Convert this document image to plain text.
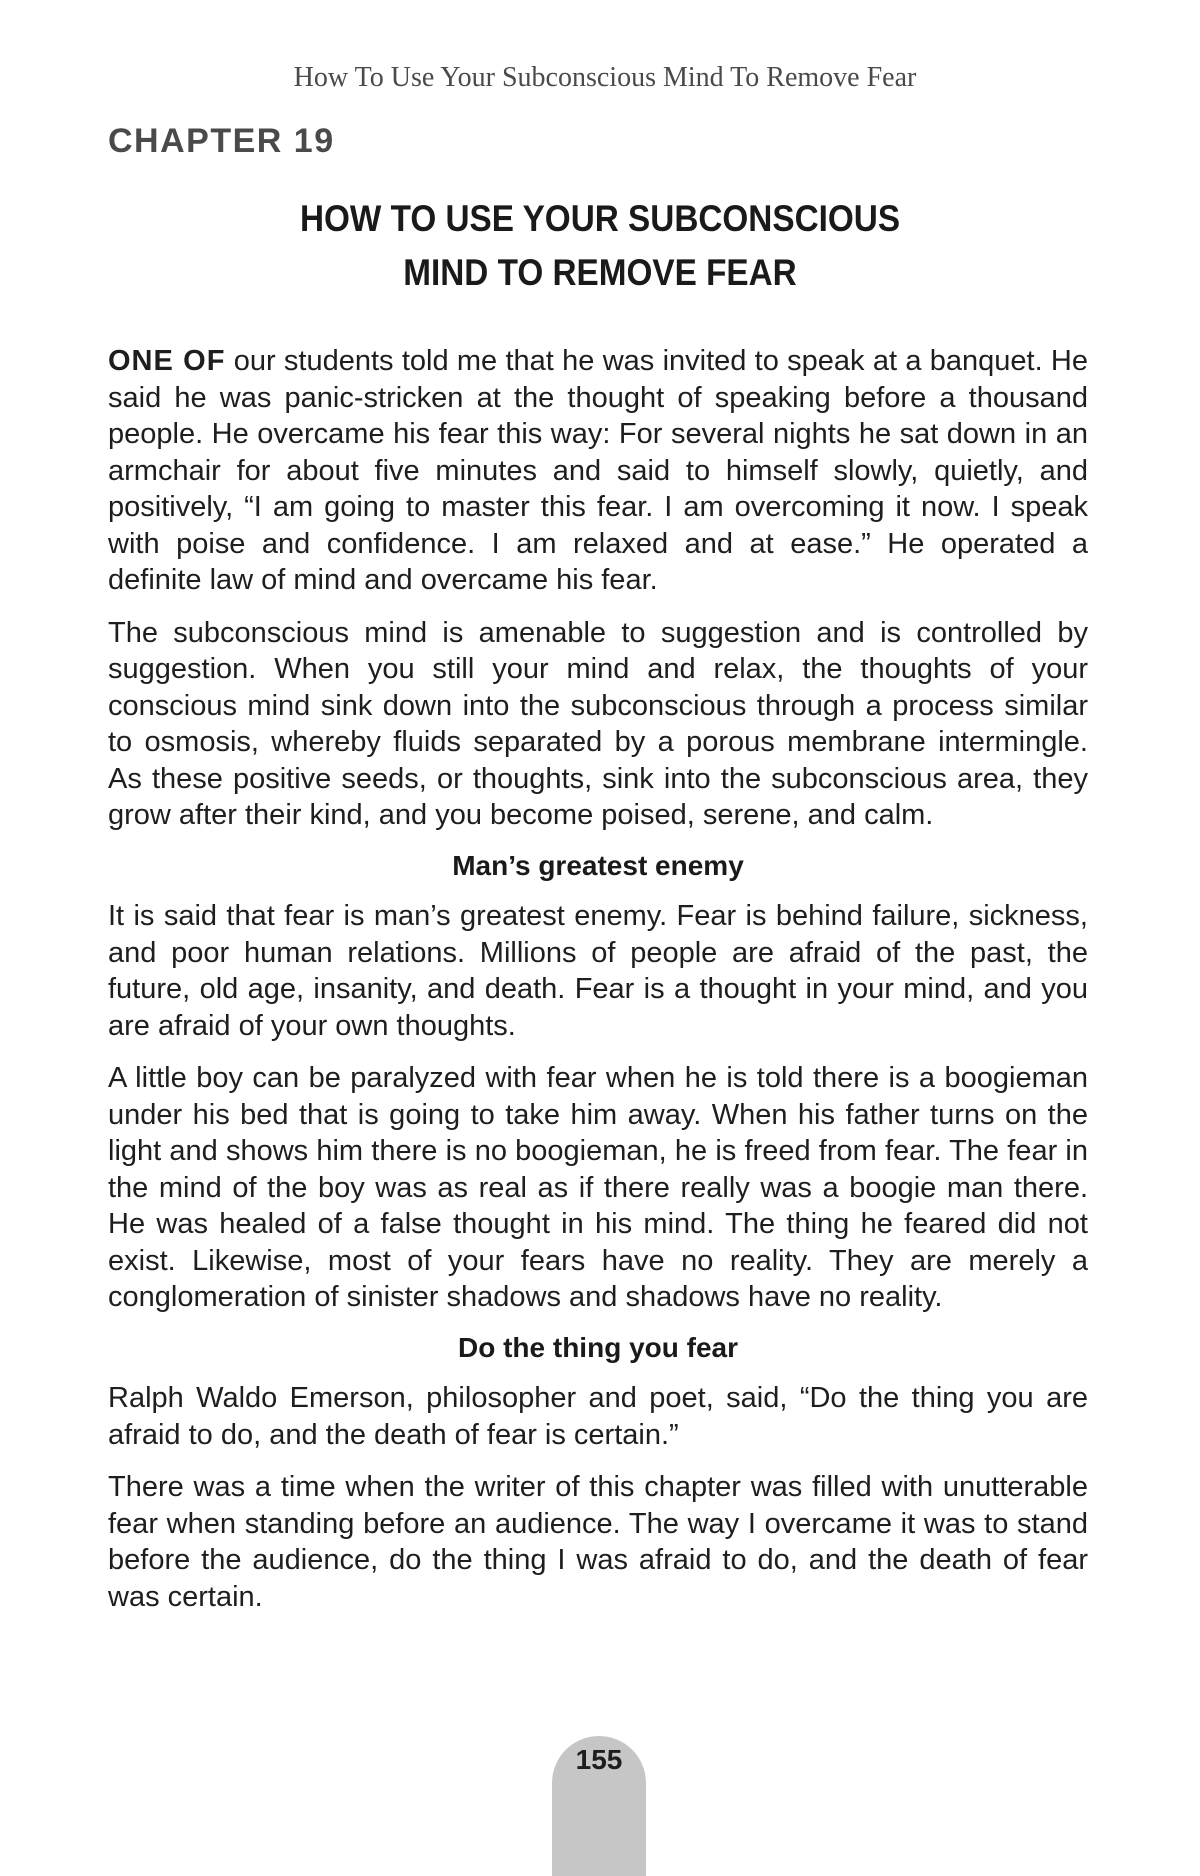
How To Use Your Subconscious Mind To Remove Fear
CHAPTER 19
HOW TO USE YOUR SUBCONSCIOUS
MIND TO REMOVE FEAR

ONE OF our students told me that he was invited to speak at a banquet. He said he was panic-stricken at the thought of speaking before a thousand people. He overcame his fear this way: For several nights he sat down in an armchair for about five minutes and said to himself slowly, quietly, and positively, “I am going to master this fear. I am overcoming it now. I speak with poise and confidence. I am relaxed and at ease.” He operated a definite law of mind and overcame his fear.

The subconscious mind is amenable to suggestion and is controlled by suggestion. When you still your mind and relax, the thoughts of your conscious mind sink down into the subconscious through a process similar to osmosis, whereby fluids separated by a porous membrane intermingle. As these positive seeds, or thoughts, sink into the subconscious area, they grow after their kind, and you become poised, serene, and calm.

Man’s greatest enemy

It is said that fear is man’s greatest enemy. Fear is behind failure, sickness, and poor human relations. Millions of people are afraid of the past, the future, old age, insanity, and death. Fear is a thought in your mind, and you are afraid of your own thoughts.

A little boy can be paralyzed with fear when he is told there is a boogieman under his bed that is going to take him away. When his father turns on the light and shows him there is no boogieman, he is freed from fear. The fear in the mind of the boy was as real as if there really was a boogie man there. He was healed of a false thought in his mind. The thing he feared did not exist. Likewise, most of your fears have no reality. They are merely a conglomeration of sinister shadows and shadows have no reality.

Do the thing you fear

Ralph Waldo Emerson, philosopher and poet, said, “Do the thing you are afraid to do, and the death of fear is certain.”

There was a time when the writer of this chapter was filled with unutterable fear when standing before an audience. The way I overcame it was to stand before the audience, do the thing I was afraid to do, and the death of fear was certain.

155
